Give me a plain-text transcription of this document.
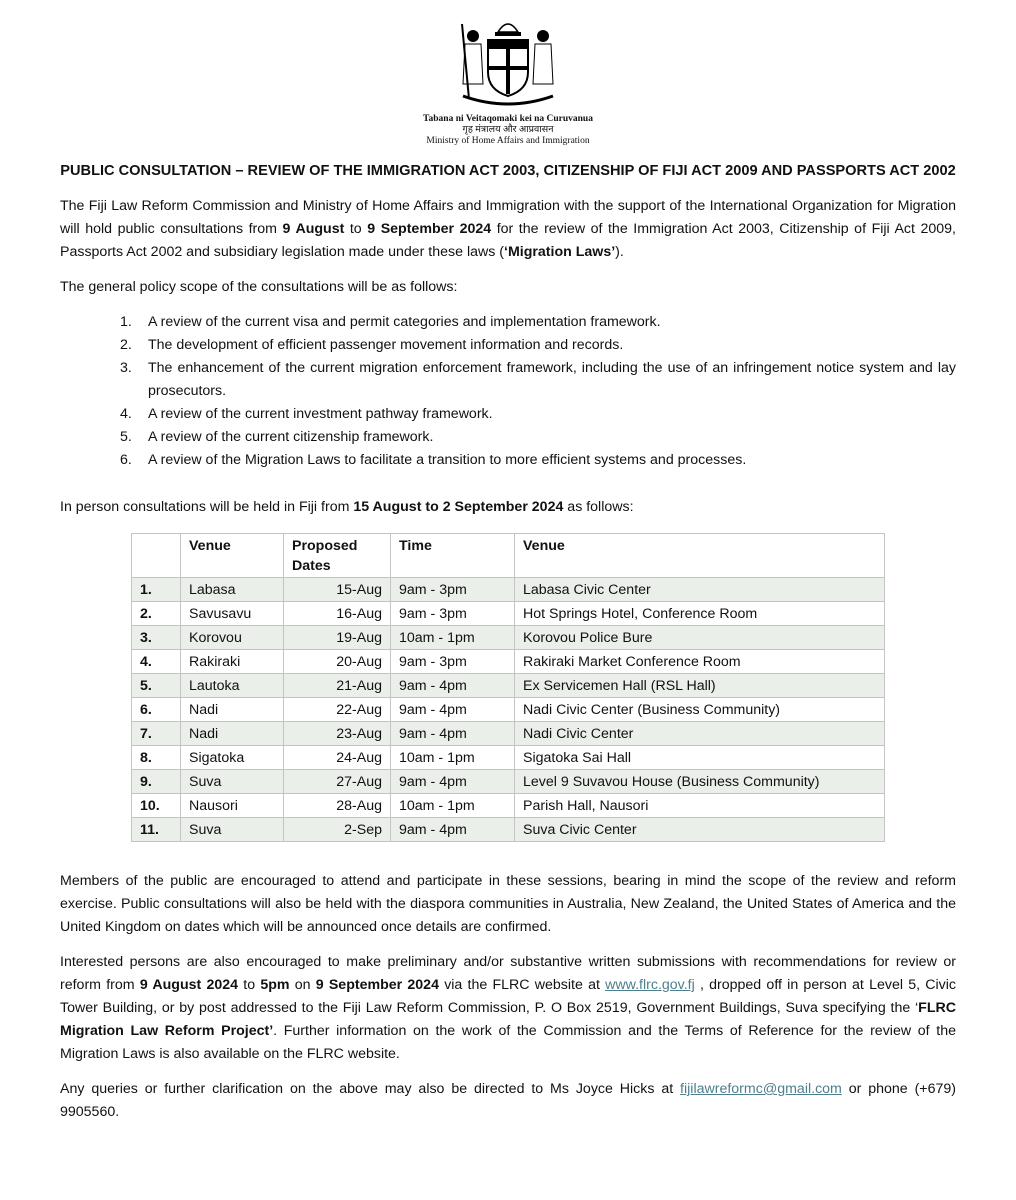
Tabana ni Veitaqomaki kei na Curuvanua
गृह मंत्रालय और आप्रवासन
Ministry of Home Affairs and Immigration
PUBLIC CONSULTATION – REVIEW OF THE IMMIGRATION ACT 2003, CITIZENSHIP OF FIJI ACT 2009 AND PASSPORTS ACT 2002
The Fiji Law Reform Commission and Ministry of Home Affairs and Immigration with the support of the International Organization for Migration will hold public consultations from 9 August to 9 September 2024 for the review of the Immigration Act 2003, Citizenship of Fiji Act 2009, Passports Act 2002 and subsidiary legislation made under these laws (‘Migration Laws’).
The general policy scope of the consultations will be as follows:
1. A review of the current visa and permit categories and implementation framework.
2. The development of efficient passenger movement information and records.
3. The enhancement of the current migration enforcement framework, including the use of an infringement notice system and lay prosecutors.
4. A review of the current investment pathway framework.
5. A review of the current citizenship framework.
6. A review of the Migration Laws to facilitate a transition to more efficient systems and processes.
In person consultations will be held in Fiji from 15 August to 2 September 2024 as follows:
	Venue	Proposed Dates	Time	Venue
1.	Labasa	15-Aug	9am - 3pm	Labasa Civic Center
2.	Savusavu	16-Aug	9am - 3pm	Hot Springs Hotel, Conference Room
3.	Korovou	19-Aug	10am - 1pm	Korovou Police Bure
4.	Rakiraki	20-Aug	9am - 3pm	Rakiraki Market Conference Room
5.	Lautoka	21-Aug	9am - 4pm	Ex Servicemen Hall (RSL Hall)
6.	Nadi	22-Aug	9am - 4pm	Nadi Civic Center (Business Community)
7.	Nadi	23-Aug	9am - 4pm	Nadi Civic Center
8.	Sigatoka	24-Aug	10am - 1pm	Sigatoka Sai Hall
9.	Suva	27-Aug	9am - 4pm	Level 9 Suvavou House (Business Community)
10.	Nausori	28-Aug	10am - 1pm	Parish Hall, Nausori
11.	Suva	2-Sep	9am - 4pm	Suva Civic Center
Members of the public are encouraged to attend and participate in these sessions, bearing in mind the scope of the review and reform exercise. Public consultations will also be held with the diaspora communities in Australia, New Zealand, the United States of America and the United Kingdom on dates which will be announced once details are confirmed.
Interested persons are also encouraged to make preliminary and/or substantive written submissions with recommendations for review or reform from 9 August 2024 to 5pm on 9 September 2024 via the FLRC website at www.flrc.gov.fj , dropped off in person at Level 5, Civic Tower Building, or by post addressed to the Fiji Law Reform Commission, P. O Box 2519, Government Buildings, Suva specifying the ‘FLRC Migration Law Reform Project’. Further information on the work of the Commission and the Terms of Reference for the review of the Migration Laws is also available on the FLRC website.
Any queries or further clarification on the above may also be directed to Ms Joyce Hicks at fijilawreformc@gmail.com or phone (+679) 9905560.
